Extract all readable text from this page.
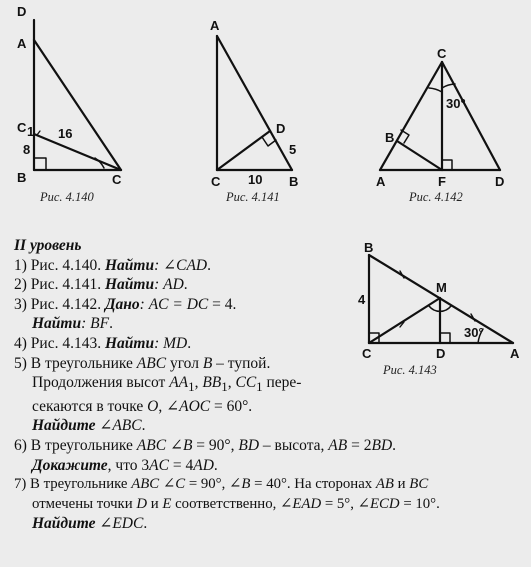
D
A
C 1
B	C
16
8
A
D
C	B
10
5
C
B
A	F	D
30°
B
M
C	D	A
4
30°
Рис. 4.140	Рис. 4.141	Рис. 4.142
Рис. 4.143
II уровень
1) Рис. 4.140. Найти: ∠CAD.
2) Рис. 4.141. Найти: AD.
3) Рис. 4.142. Дано: AC = DC = 4.
Найти: BF.
4) Рис. 4.143. Найти: MD.
5) В треугольнике ABC угол B – тупой.
Продолжения высот $AA_1$, $BB_1$, $CC_1$ пере-
секаются в точке O, ∠AOC = 60°.
Найдите ∠ABC.
6) В треугольнике ABC ∠B = 90°, BD – высота, AB = 2BD.
Докажите, что 3AC = 4AD.
7) В треугольнике ABC ∠C = 90°, ∠B = 40°. На сторонах AB и BC
отмечены точки D и E соответственно, ∠EAD = 5°, ∠ECD = 10°.
Найдите ∠EDC.
